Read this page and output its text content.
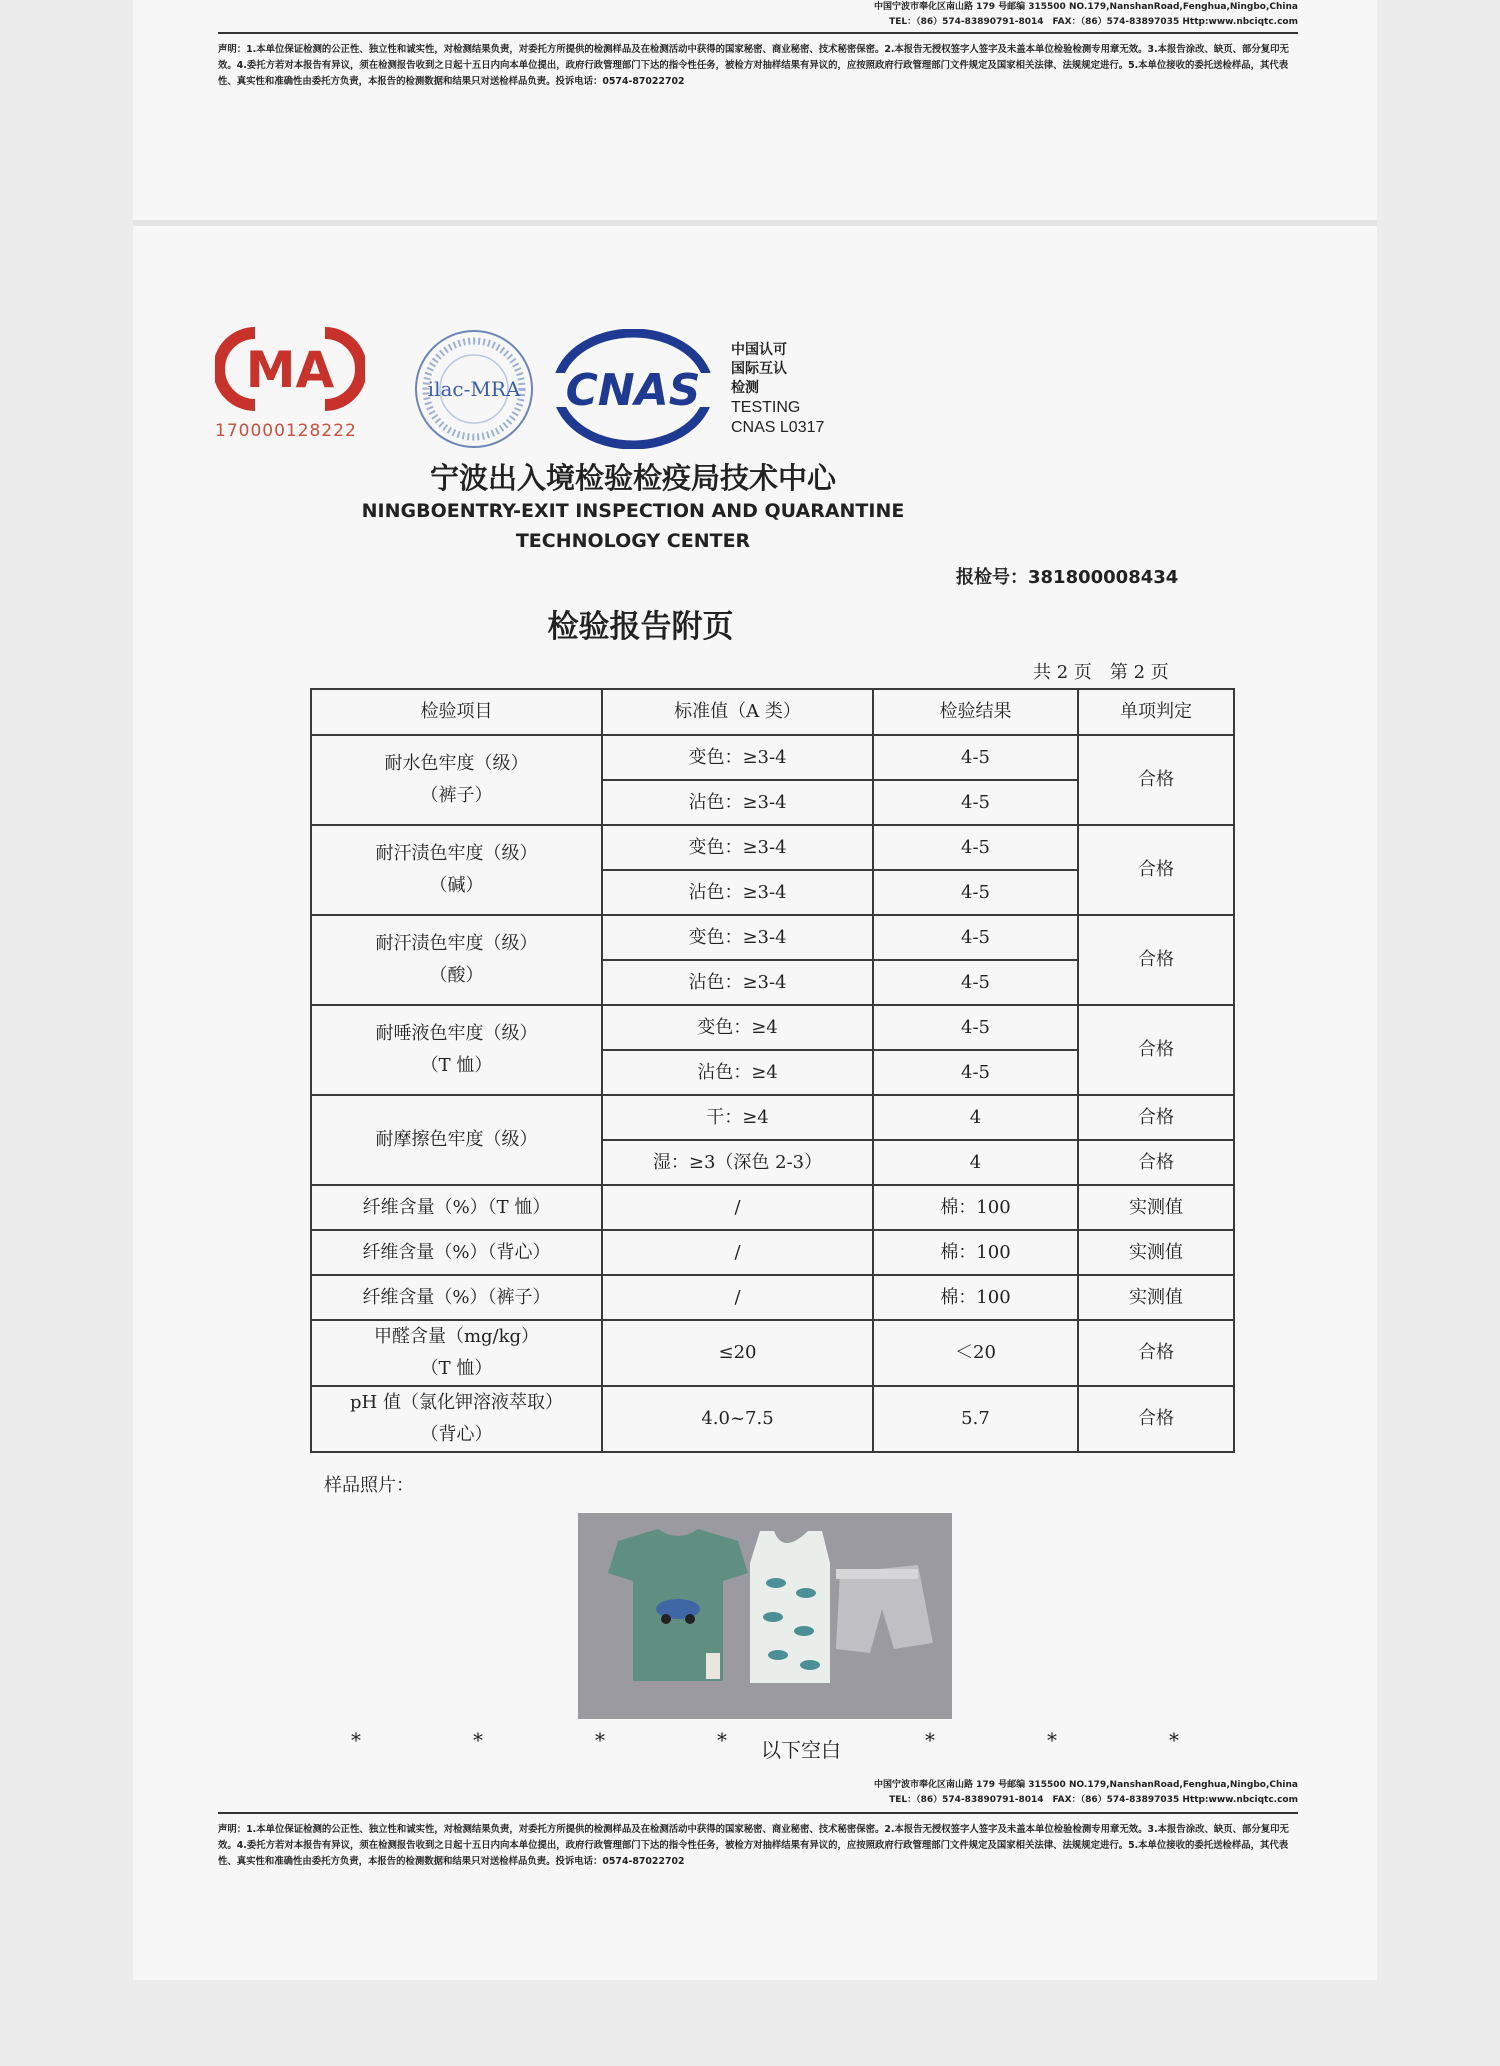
中国宁波市奉化区南山路 179 号邮编 315500 NO.179,NanshanRoad,Fenghua,Ningbo,China
TEL：（86）574-83890791-8014　FAX：（86）574-83897035 Http:www.nbciqtc.com
声明：1.本单位保证检测的公正性、独立性和诚实性，对检测结果负责，对委托方所提供的检测样品及在检测活动中获得的国家秘密、商业秘密、技术秘密保密。2.本报告无授权签字人签字及未盖本单位检验检测专用章无效。3.本报告涂改、缺页、部分复印无效。4.委托方若对本报告有异议，须在检测报告收到之日起十五日内向本单位提出，政府行政管理部门下达的指令性任务，被检方对抽样结果有异议的，应按照政府行政管理部门文件规定及国家相关法律、法规规定进行。5.本单位接收的委托送检样品，其代表性、真实性和准确性由委托方负责，本报告的检测数据和结果只对送检样品负责。投诉电话：0574-87022702
MA
170000128222
ilac-MRA CNAS
中国认可
国际互认
检测
TESTING
CNAS L0317
宁波出入境检验检疫局技术中心
NINGBOENTRY-EXIT INSPECTION AND QUARANTINE
TECHNOLOGY CENTER
报检号：381800008434
检验报告附页
共 2 页　第 2 页
检验项目	标准值（A 类）	检验结果	单项判定

耐水色牢度（级）
（裤子）	变色：≥3-4	4-5	合格
	沾色：≥3-4	4-5	

耐汗渍色牢度（级）
（碱）	变色：≥3-4	4-5	合格
	沾色：≥3-4	4-5	

耐汗渍色牢度（级）
（酸）	变色：≥3-4	4-5	合格
	沾色：≥3-4	4-5	

耐唾液色牢度（级）
（T 恤）	变色：≥4	4-5	合格
	沾色：≥4	4-5	
耐摩擦色牢度（级）	干：≥4	4	合格
	湿：≥3（深色 2-3）	4	合格
纤维含量（%）（T 恤）	/	棉：100	实测值
纤维含量（%）（背心）	/	棉：100	实测值
纤维含量（%）（裤子）	/	棉：100	实测值

甲醛含量（mg/kg）
（T 恤）	≤20	＜20	合格

pH 值（氯化钾溶液萃取）
（背心）	4.0~7.5	5.7	合格
样品照片：
*	*	*	* 以下空白	*	*	*
中国宁波市奉化区南山路 179 号邮编 315500 NO.179,NanshanRoad,Fenghua,Ningbo,China
TEL：（86）574-83890791-8014　FAX：（86）574-83897035 Http:www.nbciqtc.com
声明：1.本单位保证检测的公正性、独立性和诚实性，对检测结果负责，对委托方所提供的检测样品及在检测活动中获得的国家秘密、商业秘密、技术秘密保密。2.本报告无授权签字人签字及未盖本单位检验检测专用章无效。3.本报告涂改、缺页、部分复印无效。4.委托方若对本报告有异议，须在检测报告收到之日起十五日内向本单位提出，政府行政管理部门下达的指令性任务，被检方对抽样结果有异议的，应按照政府行政管理部门文件规定及国家相关法律、法规规定进行。5.本单位接收的委托送检样品，其代表性、真实性和准确性由委托方负责，本报告的检测数据和结果只对送检样品负责。投诉电话：0574-87022702
